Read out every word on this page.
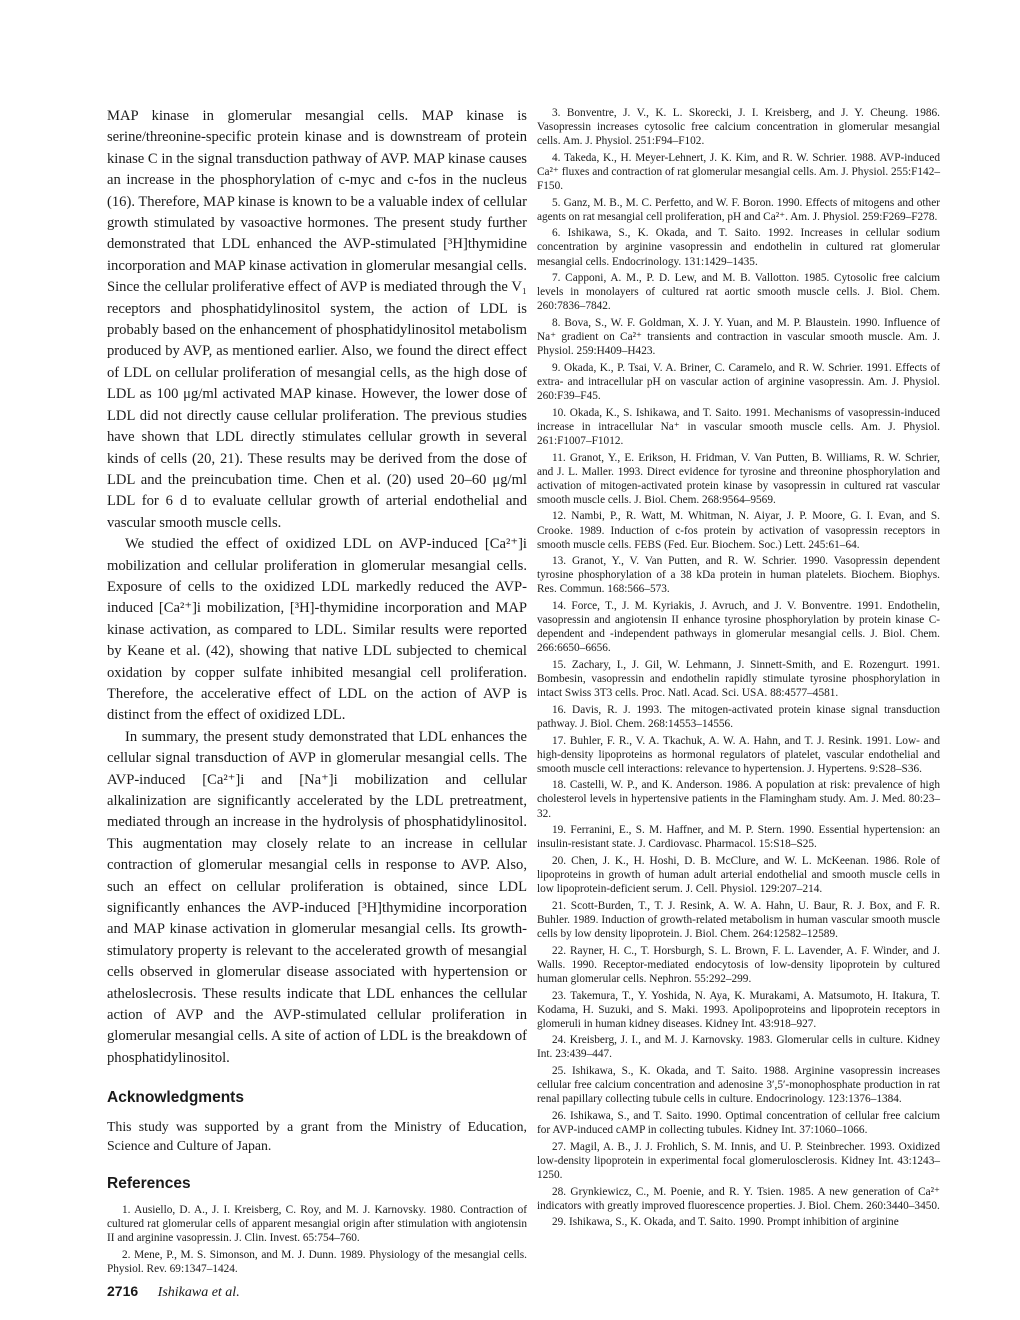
MAP kinase in glomerular mesangial cells. MAP kinase is serine/threonine-specific protein kinase and is downstream of protein kinase C in the signal transduction pathway of AVP. MAP kinase causes an increase in the phosphorylation of c-myc and c-fos in the nucleus (16). Therefore, MAP kinase is known to be a valuable index of cellular growth stimulated by vasoactive hormones. The present study further demonstrated that LDL enhanced the AVP-stimulated [³H]thymidine incorporation and MAP kinase activation in glomerular mesangial cells. Since the cellular proliferative effect of AVP is mediated through the V₁ receptors and phosphatidylinositol system, the action of LDL is probably based on the enhancement of phosphatidylinositol metabolism produced by AVP, as mentioned earlier. Also, we found the direct effect of LDL on cellular proliferation of mesangial cells, as the high dose of LDL as 100 μg/ml activated MAP kinase. However, the lower dose of LDL did not directly cause cellular proliferation. The previous studies have shown that LDL directly stimulates cellular growth in several kinds of cells (20, 21). These results may be derived from the dose of LDL and the preincubation time. Chen et al. (20) used 20–60 μg/ml LDL for 6 d to evaluate cellular growth of arterial endothelial and vascular smooth muscle cells.

We studied the effect of oxidized LDL on AVP-induced [Ca²⁺]i mobilization and cellular proliferation in glomerular mesangial cells. Exposure of cells to the oxidized LDL markedly reduced the AVP-induced [Ca²⁺]i mobilization, [³H]-thymidine incorporation and MAP kinase activation, as compared to LDL. Similar results were reported by Keane et al. (42), showing that native LDL subjected to chemical oxidation by copper sulfate inhibited mesangial cell proliferation. Therefore, the accelerative effect of LDL on the action of AVP is distinct from the effect of oxidized LDL.

In summary, the present study demonstrated that LDL enhances the cellular signal transduction of AVP in glomerular mesangial cells. The AVP-induced [Ca²⁺]i and [Na⁺]i mobilization and cellular alkalinization are significantly accelerated by the LDL pretreatment, mediated through an increase in the hydrolysis of phosphatidylinositol. This augmentation may closely relate to an increase in cellular contraction of glomerular mesangial cells in response to AVP. Also, such an effect on cellular proliferation is obtained, since LDL significantly enhances the AVP-induced [³H]thymidine incorporation and MAP kinase activation in glomerular mesangial cells. Its growth-stimulatory property is relevant to the accelerated growth of mesangial cells observed in glomerular disease associated with hypertension or atheloslecrosis. These results indicate that LDL enhances the cellular action of AVP and the AVP-stimulated cellular proliferation in glomerular mesangial cells. A site of action of LDL is the breakdown of phosphatidylinositol.

Acknowledgments

This study was supported by a grant from the Ministry of Education, Science and Culture of Japan.

References

1. Ausiello, D. A., J. I. Kreisberg, C. Roy, and M. J. Karnovsky. 1980. Contraction of cultured rat glomerular cells of apparent mesangial origin after stimulation with angiotensin II and arginine vasopressin. J. Clin. Invest. 65:754–760.

2. Mene, P., M. S. Simonson, and M. J. Dunn. 1989. Physiology of the mesangial cells. Physiol. Rev. 69:1347–1424.

3. Bonventre, J. V., K. L. Skorecki, J. I. Kreisberg, and J. Y. Cheung. 1986. Vasopressin increases cytosolic free calcium concentration in glomerular mesangial cells. Am. J. Physiol. 251:F94–F102.

4. Takeda, K., H. Meyer-Lehnert, J. K. Kim, and R. W. Schrier. 1988. AVP-induced Ca²⁺ fluxes and contraction of rat glomerular mesangial cells. Am. J. Physiol. 255:F142–F150.

5. Ganz, M. B., M. C. Perfetto, and W. F. Boron. 1990. Effects of mitogens and other agents on rat mesangial cell proliferation, pH and Ca²⁺. Am. J. Physiol. 259:F269–F278.

6. Ishikawa, S., K. Okada, and T. Saito. 1992. Increases in cellular sodium concentration by arginine vasopressin and endothelin in cultured rat glomerular mesangial cells. Endocrinology. 131:1429–1435.

7. Capponi, A. M., P. D. Lew, and M. B. Vallotton. 1985. Cytosolic free calcium levels in monolayers of cultured rat aortic smooth muscle cells. J. Biol. Chem. 260:7836–7842.

8. Bova, S., W. F. Goldman, X. J. Y. Yuan, and M. P. Blaustein. 1990. Influence of Na⁺ gradient on Ca²⁺ transients and contraction in vascular smooth muscle. Am. J. Physiol. 259:H409–H423.

9. Okada, K., P. Tsai, V. A. Briner, C. Caramelo, and R. W. Schrier. 1991. Effects of extra- and intracellular pH on vascular action of arginine vasopressin. Am. J. Physiol. 260:F39–F45.

10. Okada, K., S. Ishikawa, and T. Saito. 1991. Mechanisms of vasopressin-induced increase in intracellular Na⁺ in vascular smooth muscle cells. Am. J. Physiol. 261:F1007–F1012.

11. Granot, Y., E. Erikson, H. Fridman, V. Van Putten, B. Williams, R. W. Schrier, and J. L. Maller. 1993. Direct evidence for tyrosine and threonine phosphorylation and activation of mitogen-activated protein kinase by vasopressin in cultured rat vascular smooth muscle cells. J. Biol. Chem. 268:9564–9569.

12. Nambi, P., R. Watt, M. Whitman, N. Aiyar, J. P. Moore, G. I. Evan, and S. Crooke. 1989. Induction of c-fos protein by activation of vasopressin receptors in smooth muscle cells. FEBS (Fed. Eur. Biochem. Soc.) Lett. 245:61–64.

13. Granot, Y., V. Van Putten, and R. W. Schrier. 1990. Vasopressin dependent tyrosine phosphorylation of a 38 kDa protein in human platelets. Biochem. Biophys. Res. Commun. 168:566–573.

14. Force, T., J. M. Kyriakis, J. Avruch, and J. V. Bonventre. 1991. Endothelin, vasopressin and angiotensin II enhance tyrosine phosphorylation by protein kinase C-dependent and -independent pathways in glomerular mesangial cells. J. Biol. Chem. 266:6650–6656.

15. Zachary, I., J. Gil, W. Lehmann, J. Sinnett-Smith, and E. Rozengurt. 1991. Bombesin, vasopressin and endothelin rapidly stimulate tyrosine phosphorylation in intact Swiss 3T3 cells. Proc. Natl. Acad. Sci. USA. 88:4577–4581.

16. Davis, R. J. 1993. The mitogen-activated protein kinase signal transduction pathway. J. Biol. Chem. 268:14553–14556.

17. Buhler, F. R., V. A. Tkachuk, A. W. A. Hahn, and T. J. Resink. 1991. Low- and high-density lipoproteins as hormonal regulators of platelet, vascular endothelial and smooth muscle cell interactions: relevance to hypertension. J. Hypertens. 9:S28–S36.

18. Castelli, W. P., and K. Anderson. 1986. A population at risk: prevalence of high cholesterol levels in hypertensive patients in the Flamingham study. Am. J. Med. 80:23–32.

19. Ferranini, E., S. M. Haffner, and M. P. Stern. 1990. Essential hypertension: an insulin-resistant state. J. Cardiovasc. Pharmacol. 15:S18–S25.

20. Chen, J. K., H. Hoshi, D. B. McClure, and W. L. McKeenan. 1986. Role of lipoproteins in growth of human adult arterial endothelial and smooth muscle cells in low lipoprotein-deficient serum. J. Cell. Physiol. 129:207–214.

21. Scott-Burden, T., T. J. Resink, A. W. A. Hahn, U. Baur, R. J. Box, and F. R. Buhler. 1989. Induction of growth-related metabolism in human vascular smooth muscle cells by low density lipoprotein. J. Biol. Chem. 264:12582–12589.

22. Rayner, H. C., T. Horsburgh, S. L. Brown, F. L. Lavender, A. F. Winder, and J. Walls. 1990. Receptor-mediated endocytosis of low-density lipoprotein by cultured human glomerular cells. Nephron. 55:292–299.

23. Takemura, T., Y. Yoshida, N. Aya, K. Murakami, A. Matsumoto, H. Itakura, T. Kodama, H. Suzuki, and S. Maki. 1993. Apolipoproteins and lipoprotein receptors in glomeruli in human kidney diseases. Kidney Int. 43:918–927.

24. Kreisberg, J. I., and M. J. Karnovsky. 1983. Glomerular cells in culture. Kidney Int. 23:439–447.

25. Ishikawa, S., K. Okada, and T. Saito. 1988. Arginine vasopressin increases cellular free calcium concentration and adenosine 3′,5′-monophosphate production in rat renal papillary collecting tubule cells in culture. Endocrinology. 123:1376–1384.

26. Ishikawa, S., and T. Saito. 1990. Optimal concentration of cellular free calcium for AVP-induced cAMP in collecting tubules. Kidney Int. 37:1060–1066.

27. Magil, A. B., J. J. Frohlich, S. M. Innis, and U. P. Steinbrecher. 1993. Oxidized low-density lipoprotein in experimental focal glomerulosclerosis. Kidney Int. 43:1243–1250.

28. Grynkiewicz, C., M. Poenie, and R. Y. Tsien. 1985. A new generation of Ca²⁺ indicators with greatly improved fluorescence properties. J. Biol. Chem. 260:3440–3450.

29. Ishikawa, S., K. Okada, and T. Saito. 1990. Prompt inhibition of arginine

2716 Ishikawa et al.
